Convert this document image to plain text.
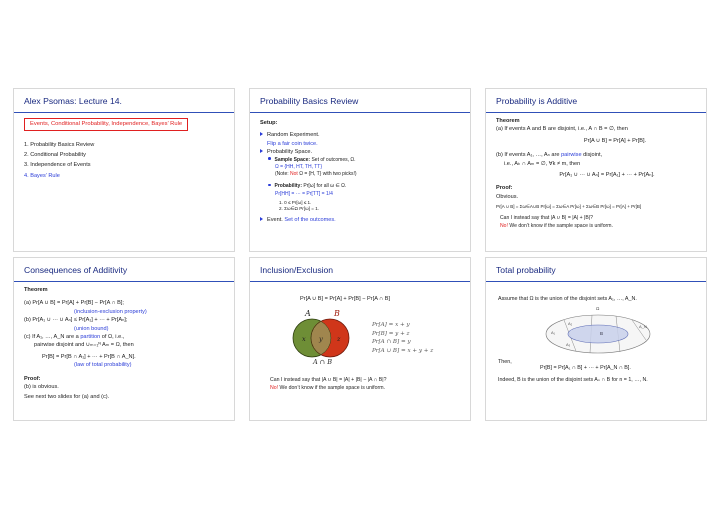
Alex Psomas: Lecture 14.
Events, Conditional Probability, Independence, Bayes’ Rule
1. Probability Basics Review
2. Conditional Probability
3. Independence of Events
4. Bayes’ Rule
Probability Basics Review
Setup:
Random Experiment.
Flip a fair coin twice.
Probability Space.
Sample Space: Set of outcomes, Ω.
Ω = {HH, HT, TH, TT}
(Note: Not Ω = {H, T} with two picks!)
Probability: Pr[ω] for all ω ∈ Ω.
Pr[HH] = ··· = Pr[TT] = 1/4
1. 0 ≤ Pr[ω] ≤ 1.
2. Σω∈Ω Pr[ω] = 1.
Event. Set of the outcomes.
Probability is Additive
Theorem
(a) If events A and B are disjoint, i.e., A ∩ B = ∅, then
Pr[A ∪ B] = Pr[A] + Pr[B].
(b) If events A₁, …, Aₙ are pairwise disjoint,
i.e., Aₖ ∩ Aₘ = ∅, ∀k ≠ m, then
Pr[A₁ ∪ ··· ∪ Aₙ] = Pr[A₁] + ··· + Pr[Aₙ].
Proof:
Obvious.
Pr[A ∪ B] = Σω∈A∪B Pr[ω] = Σω∈A Pr[ω] + Σω∈B Pr[ω] = Pr[A] + Pr[B]
Can I instead say that |A ∪ B| = |A| + |B|?
No! We don’t know if the sample space is uniform.
Consequences of Additivity
Theorem
(a) Pr[A ∪ B] = Pr[A] + Pr[B] − Pr[A ∩ B];
(inclusion-exclusion property)
(b) Pr[A₁ ∪ ··· ∪ Aₙ] ≤ Pr[A₁] + ··· + Pr[Aₙ];
(union bound)
(c) If A₁, …, A_N are a partition of Ω, i.e.,
pairwise disjoint and ∪ₘ₌₁ᴺ Aₘ = Ω, then
Pr[B] = Pr[B ∩ A₁] + ··· + Pr[B ∩ A_N].
(law of total probability)
Proof:
(b) is obvious.
See next two slides for (a) and (c).
Inclusion/Exclusion
Pr[A ∪ B] = Pr[A] + Pr[B] − Pr[A ∩ B]
A	B
x y z
A ∩ B
Pr[A] = x + y
Pr[B] = y + z
Pr[A ∩ B] = y
Pr[A ∪ B] = x + y + z
Can I instead say that |A ∪ B| = |A| + |B| − |A ∩ B|?
No! We don’t know if the sample space is uniform.
Total probability
Assume that Ω is the union of the disjoint sets A₁, …, A_N.
Ω
A₁
A₂
A₃
A_N
B
Then,
Pr[B] = Pr[A₁ ∩ B] + ··· + Pr[A_N ∩ B].
Indeed, B is the union of the disjoint sets Aₙ ∩ B for n = 1, …, N.
